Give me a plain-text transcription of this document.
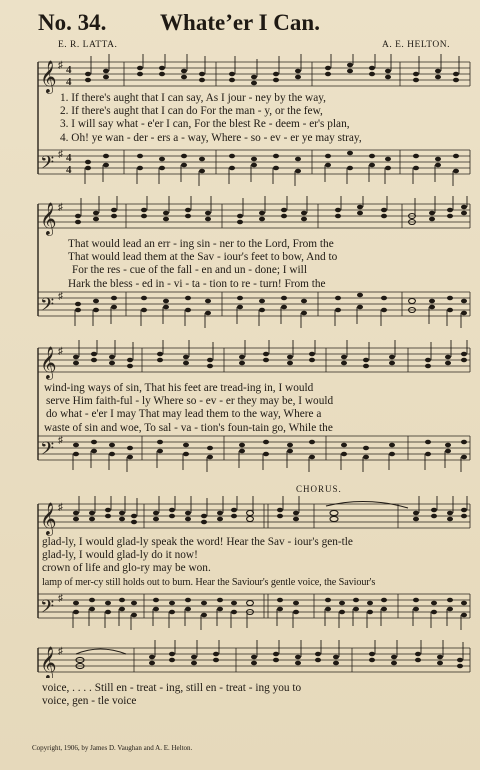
No. 34.	Whate’er I Can.
E. R. LATTA.	A. E. HELTON.
𝄞 ♯ 4
4
𝄢 ♯ 4
4
1. If there's aught that I can say, As I jour - ney by the way,
2. If there's aught that I can do For the man - y, or the few,
3. I will say what - e'er I can, For the blest Re - deem - er's plan,
4. Oh! ye wan - der - ers a - way, Where - so - ev - er ye may stray,
𝄞 ♯
𝄢 ♯
That would lead an err - ing sin - ner to the Lord, From the
That would lead them at the Sav - iour's feet to bow, And to
For the res - cue of the fall - en and un - done; I will
Hark the bless - ed in - vi - ta - tion to re - turn! From the
𝄞 ♯
𝄢 ♯
wind-ing ways of sin, That his feet are tread-ing in, I would
serve Him faith-ful - ly Where so - ev - er they may be, I would
do what - e'er I may That may lead them to the way, Where a
waste of sin and woe, To sal - va - tion's foun-tain go, While the
CHORUS.
𝄞 ♯
𝄢 ♯
glad-ly, I would glad-ly speak the word! Hear the Sav - iour's gen-tle
glad-ly, I would glad-ly do it now!
crown of life and glo-ry may be won.
lamp of mer-cy still holds out to burn. Hear the Saviour's gentle voice, the Saviour's
𝄞 ♯
voice, . . . . Still en - treat - ing, still en - treat - ing you to
voice, gen - tle voice
Copyright, 1906, by James D. Vaughan and A. E. Helton.
